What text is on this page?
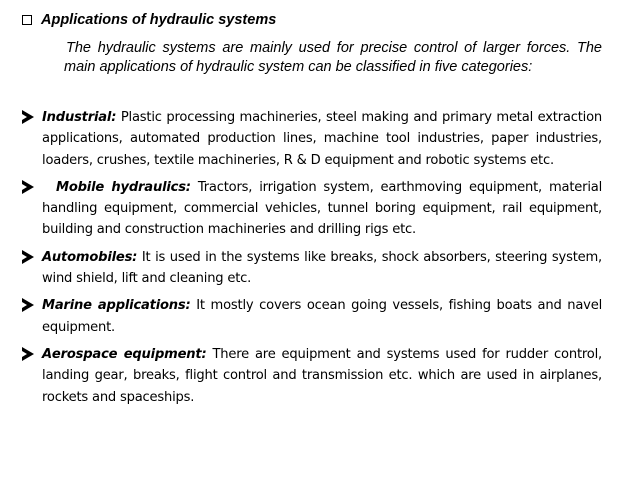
Applications of hydraulic systems
The hydraulic systems are mainly used for precise control of larger forces. The main applications of hydraulic system can be classified in five categories:
Industrial: Plastic processing machineries, steel making and primary metal extraction applications, automated production lines, machine tool industries, paper industries, loaders, crushes, textile machineries, R & D equipment and robotic systems etc.
Mobile hydraulics: Tractors, irrigation system, earthmoving equipment, material handling equipment, commercial vehicles, tunnel boring equipment, rail equipment, building and construction machineries and drilling rigs etc.
Automobiles: It is used in the systems like breaks, shock absorbers, steering system, wind shield, lift and cleaning etc.
Marine applications: It mostly covers ocean going vessels, fishing boats and navel equipment.
Aerospace equipment: There are equipment and systems used for rudder control, landing gear, breaks, flight control and transmission etc. which are used in airplanes, rockets and spaceships.
